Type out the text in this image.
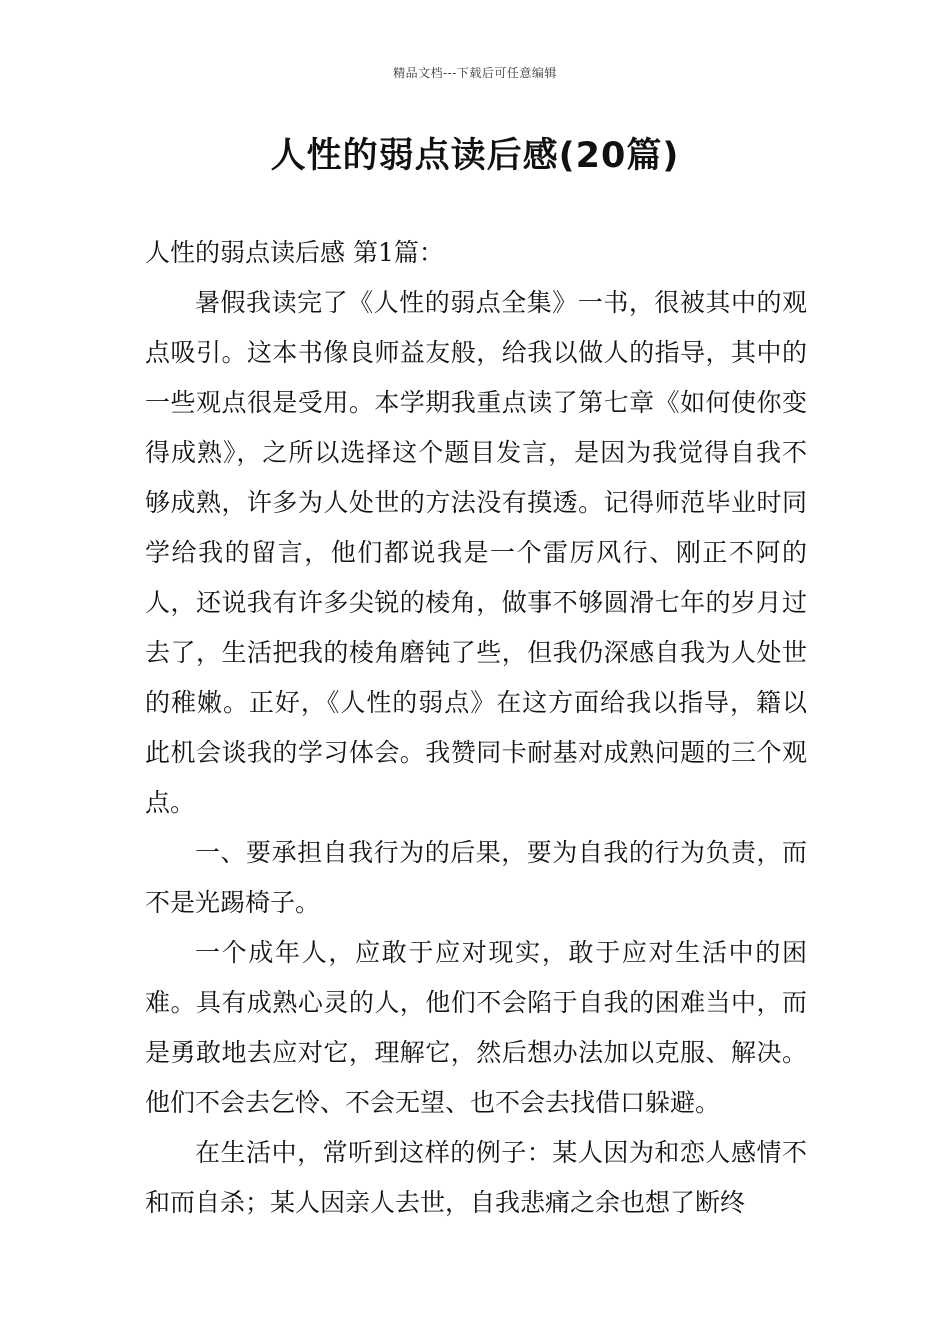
精品文档---下载后可任意编辑
人性的弱点读后感(20篇)

人性的弱点读后感 第1篇：

暑假我读完了《人性的弱点全集》一书，很被其中的观点吸引。这本书像良师益友般，给我以做人的指导，其中的一些观点很是受用。本学期我重点读了第七章《如何使你变得成熟》，之所以选择这个题目发言，是因为我觉得自我不够成熟，许多为人处世的方法没有摸透。记得师范毕业时同学给我的留言，他们都说我是一个雷厉风行、刚正不阿的人，还说我有许多尖锐的棱角，做事不够圆滑七年的岁月过去了，生活把我的棱角磨钝了些，但我仍深感自我为人处世的稚嫩。正好，《人性的弱点》在这方面给我以指导，籍以此机会谈我的学习体会。我赞同卡耐基对成熟问题的三个观点。

一、要承担自我行为的后果，要为自我的行为负责，而不是光踢椅子。

一个成年人，应敢于应对现实，敢于应对生活中的困难。具有成熟心灵的人，他们不会陷于自我的困难当中，而是勇敢地去应对它，理解它，然后想办法加以克服、解决。他们不会去乞怜、不会无望、也不会去找借口躲避。

在生活中，常听到这样的例子：某人因为和恋人感情不和而自杀；某人因亲人去世，自我悲痛之余也想了断终
